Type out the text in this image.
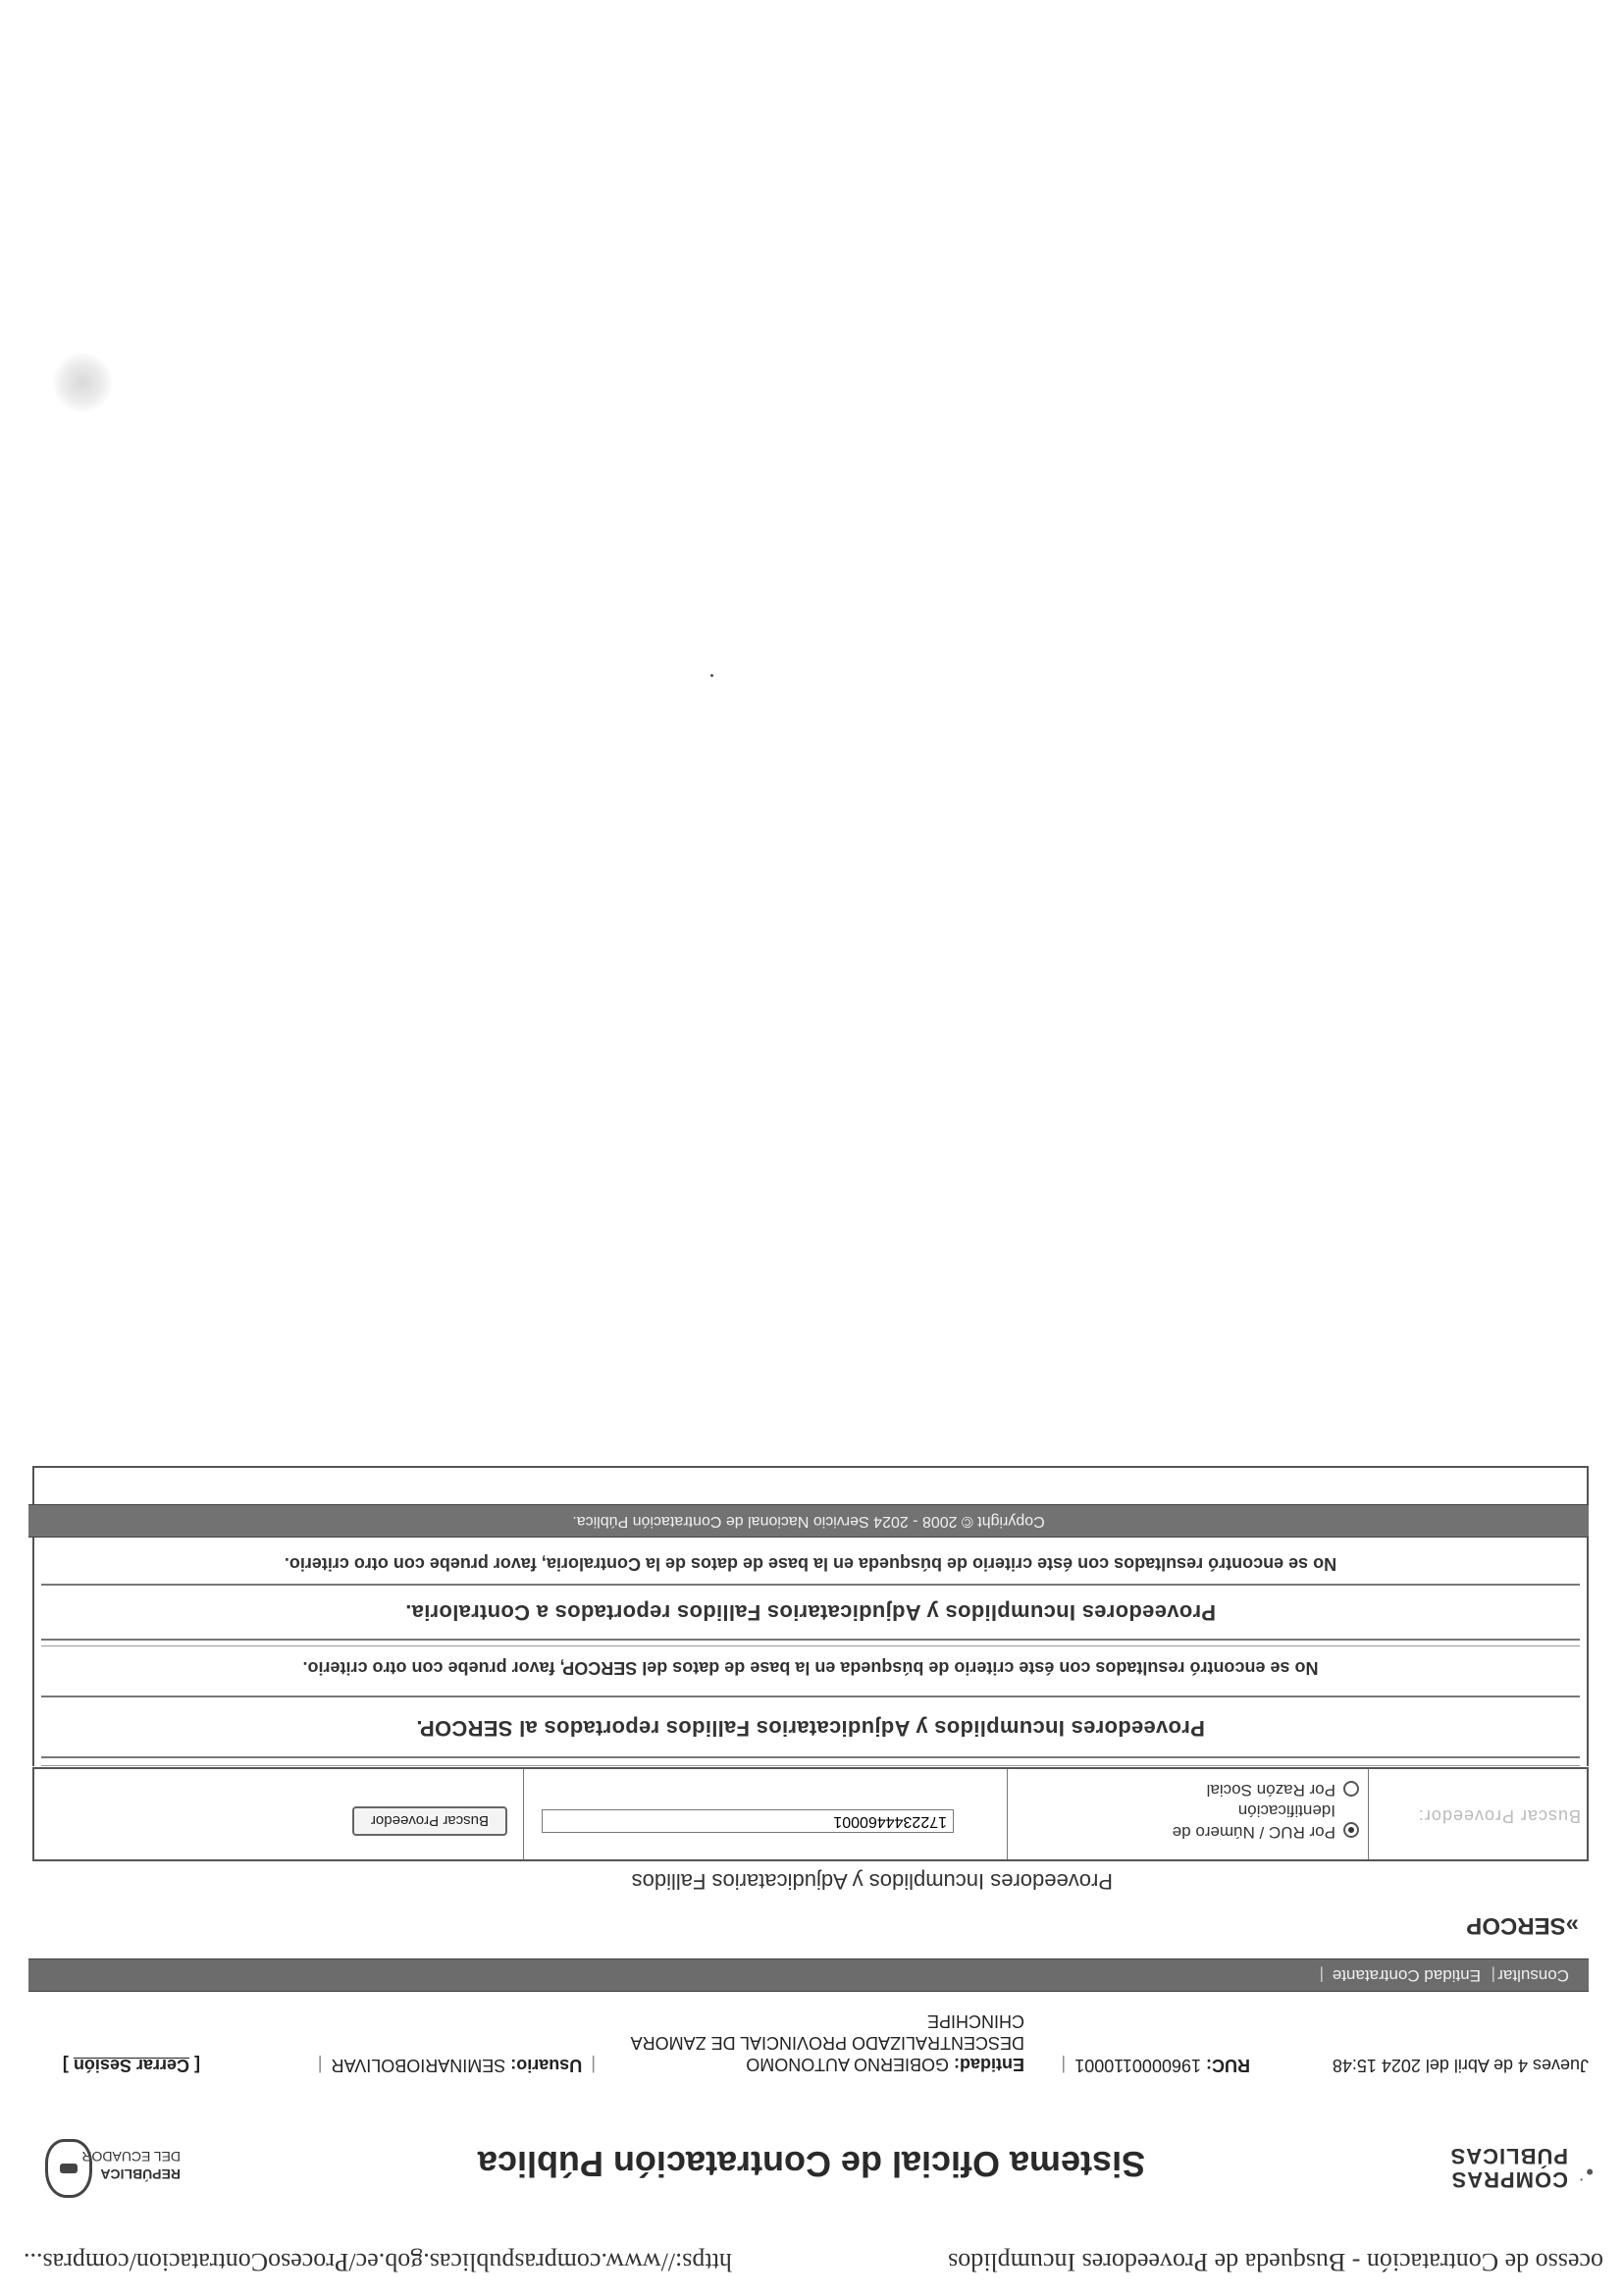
ocesso de Contratación - Busqueda de Proveedores Incumplidos
https://www.compraspublicas.gob.ec/ProcesoContratacion/compras...
•˙
COMPRAS
PÚBLICAS
Sistema Oficial de Contratación Pública
REPÚBLICA
DEL ECUADOR
Jueves 4 de Abril del 2024 15:48
RUC: 1960000110001 |
Entidad: GOBIERNO AUTONOMO DESCENTRALIZADO PROVINCIAL DE ZAMORA CHINCHIPE
| Usuario: SEMINARIOBOLIVAR |
[ Cerrar Sesión ]
Consultar
|
Entidad Contratante
|
»SERCOP
Proveedores Incumplidos y Adjudicatarios Fallidos
Buscar Proveedor:
Por RUC / Número de
Identificación
Por Razón Social
1722344460001
Buscar Proveedor
Proveedores Incumplidos y Adjudicatarios Fallidos reportados al SERCOP.
No se encontró resultados con éste criterio de búsqueda en la base de datos del SERCOP, favor pruebe con otro criterio.
Proveedores Incumplidos y Adjudicatarios Fallidos reportados a Contraloria.
No se encontró resultados con éste criterio de búsqueda en la base de datos de la Contraloria, favor pruebe con otro criterio.
Copyright © 2008 - 2024 Servicio Nacional de Contratación Pública.
